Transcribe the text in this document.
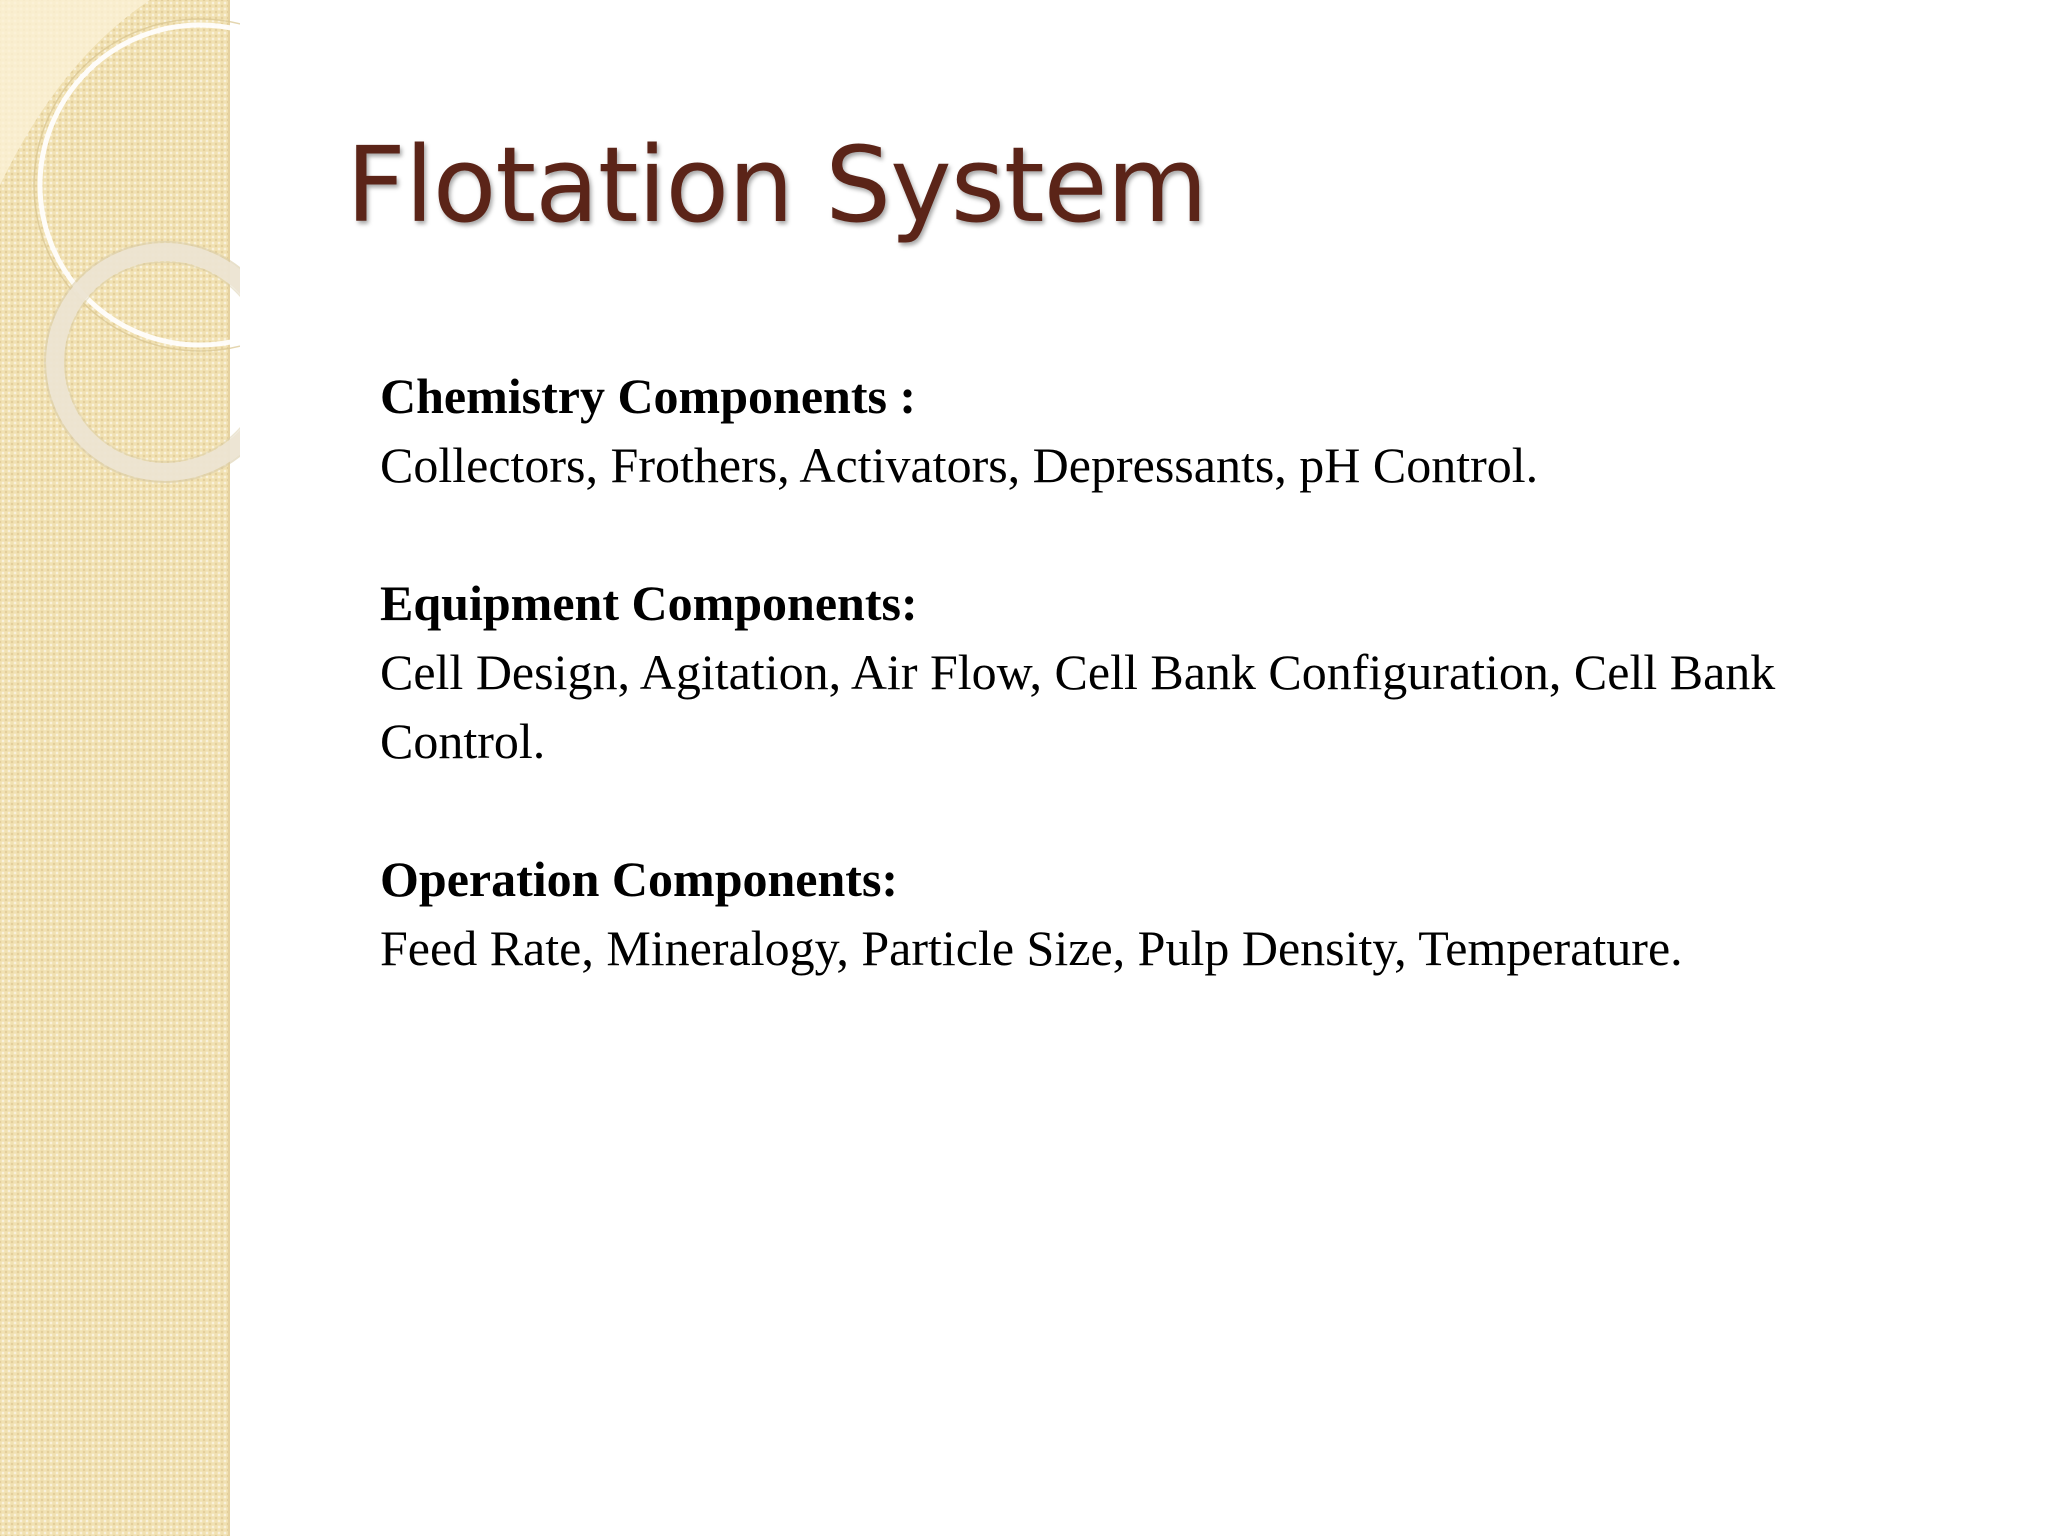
Flotation System

Chemistry Components :
Collectors, Frothers, Activators, Depressants, pH Control.

Equipment Components:
Cell Design, Agitation, Air Flow, Cell Bank Configuration, Cell Bank Control.

Operation Components:
Feed Rate, Mineralogy, Particle Size, Pulp Density, Temperature.
